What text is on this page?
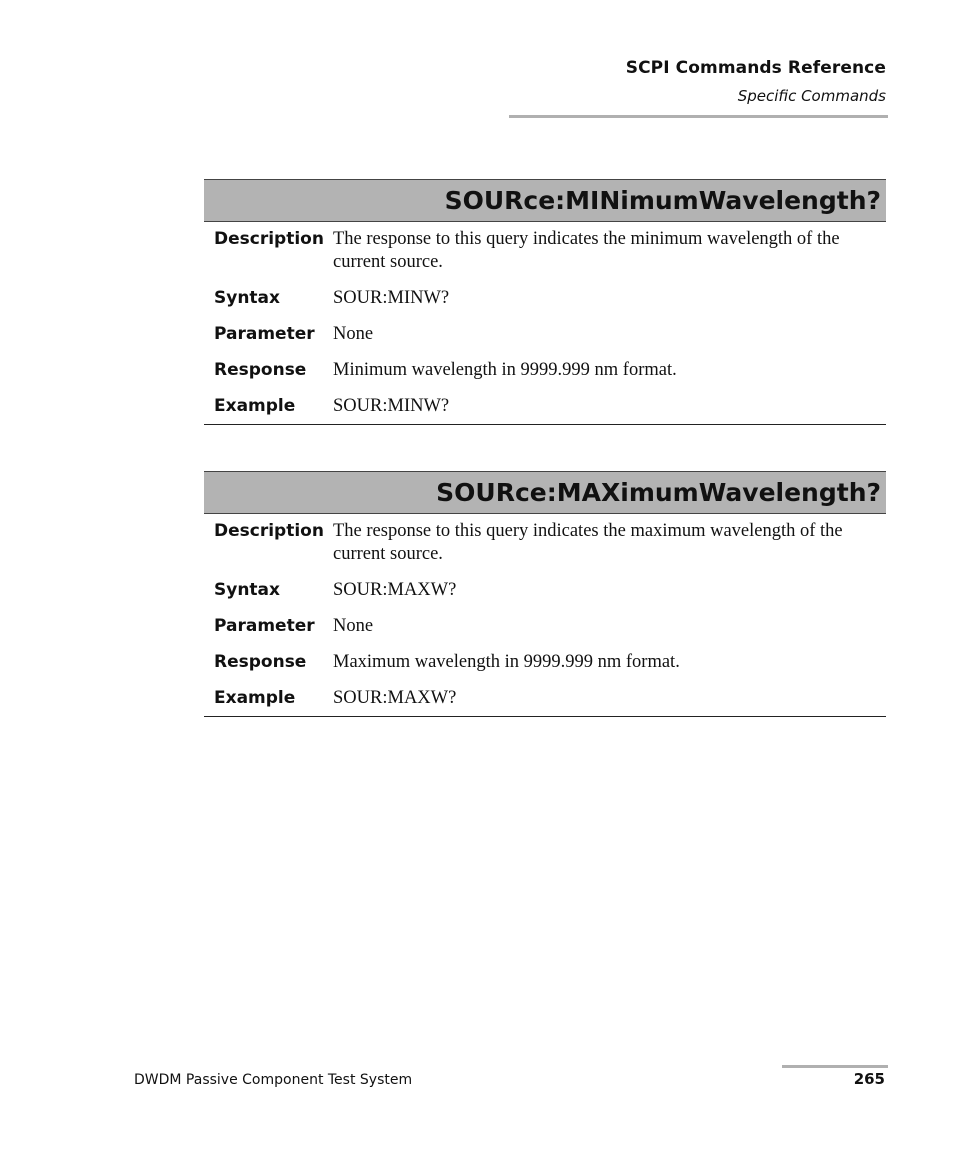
SCPI Commands Reference
Specific Commands
SOURce:MINimumWavelength?
Description The response to this query indicates the minimum wavelength of the current source.
Syntax	SOUR:MINW?
Parameter None
Response	Minimum wavelength in 9999.999 nm format.
Example	SOUR:MINW?
SOURce:MAXimumWavelength?
Description The response to this query indicates the maximum wavelength of the current source.
Syntax	SOUR:MAXW?
Parameter None
Response	Maximum wavelength in 9999.999 nm format.
Example	SOUR:MAXW?
DWDM Passive Component Test System	265
